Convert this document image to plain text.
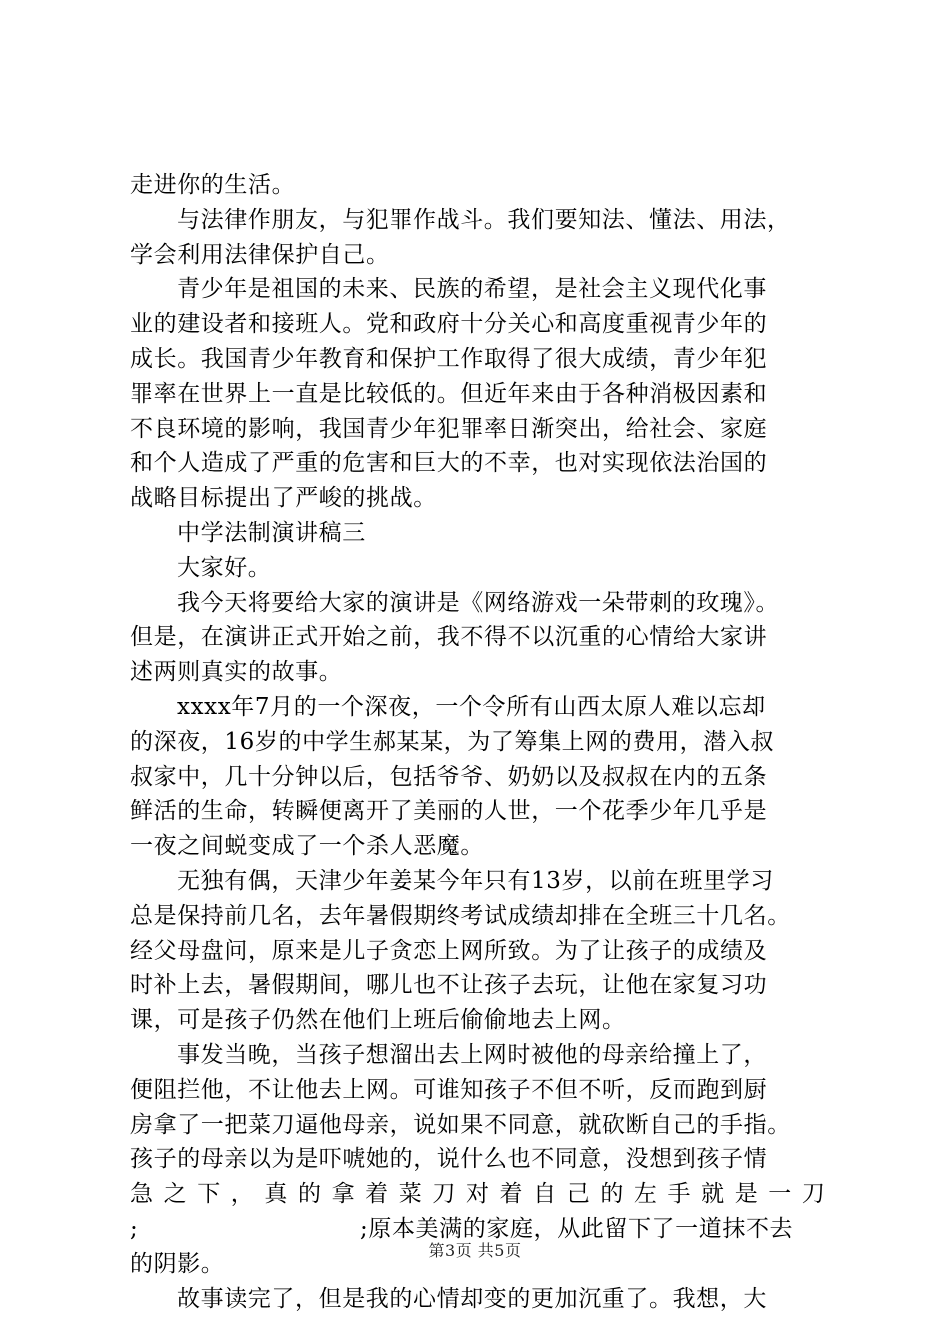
走进你的生活。
与法律作朋友，与犯罪作战斗。我们要知法、懂法、用法，
学会利用法律保护自己。
青少年是祖国的未来、民族的希望，是社会主义现代化事
业的建设者和接班人。党和政府十分关心和高度重视青少年的
成长。我国青少年教育和保护工作取得了很大成绩，青少年犯
罪率在世界上一直是比较低的。但近年来由于各种消极因素和
不良环境的影响，我国青少年犯罪率日渐突出，给社会、家庭
和个人造成了严重的危害和巨大的不幸，也对实现依法治国的
战略目标提出了严峻的挑战。
中学法制演讲稿三
大家好。
我今天将要给大家的演讲是《网络游戏一朵带刺的玫瑰》。
但是，在演讲正式开始之前，我不得不以沉重的心情给大家讲
述两则真实的故事。
xxxx年7月的一个深夜，一个令所有山西太原人难以忘却
的深夜，16岁的中学生郝某某，为了筹集上网的费用，潜入叔
叔家中，几十分钟以后，包括爷爷、奶奶以及叔叔在内的五条
鲜活的生命，转瞬便离开了美丽的人世，一个花季少年几乎是
一夜之间蜕变成了一个杀人恶魔。
无独有偶，天津少年姜某今年只有13岁，以前在班里学习
总是保持前几名，去年暑假期终考试成绩却排在全班三十几名。
经父母盘问，原来是儿子贪恋上网所致。为了让孩子的成绩及
时补上去，暑假期间，哪儿也不让孩子去玩，让他在家复习功
课，可是孩子仍然在他们上班后偷偷地去上网。
事发当晚，当孩子想溜出去上网时被他的母亲给撞上了，
便阻拦他，不让他去上网。可谁知孩子不但不听，反而跑到厨
房拿了一把菜刀逼他母亲，说如果不同意，就砍断自己的手指。
孩子的母亲以为是吓唬她的，说什么也不同意，没想到孩子情
急 之 下 ， 真 的 拿 着 菜 刀 对 着 自 己 的 左 手 就 是 一 刀
;	;原本美满的家庭，从此留下了一道抹不去
的阴影。
故事读完了，但是我的心情却变的更加沉重了。我想，大
第3页 共5页
